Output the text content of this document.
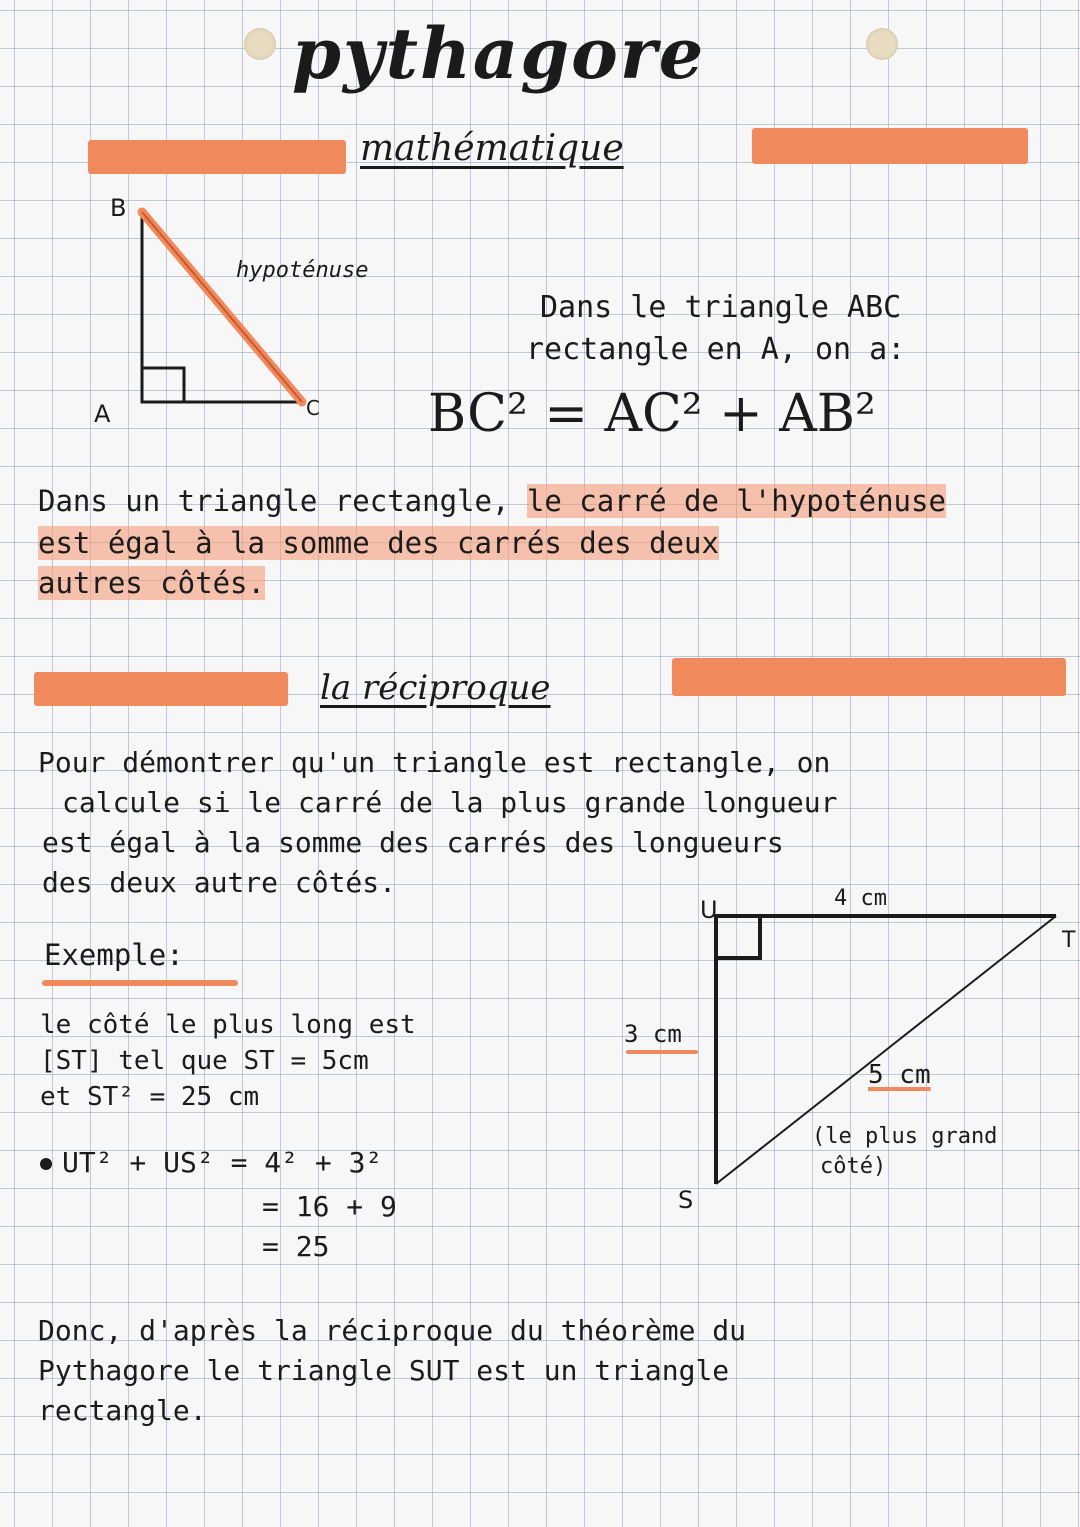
pythagore
mathématique
B
A	C
hypoténuse
Dans le triangle ABC
rectangle en A, on a:
BC² = AC² + AB²
Dans un triangle rectangle, le carré de l'hypoténuse
est égal à la somme des carrés des deux
autres côtés.
la réciproque
Pour démontrer qu'un triangle est rectangle, on
calcule si le carré de la plus grande longueur
est égal à la somme des carrés des longueurs
des deux autre côtés.
Exemple:
le côté le plus long est
[ST] tel que ST = 5cm
et ST² = 25 cm
UT² + US² = 4² + 3²
= 16 + 9
= 25
U
T
S
4 cm
3 cm
5 cm
(le plus grand
côté)
Donc, d'après la réciproque du théorème du
Pythagore le triangle SUT est un triangle
rectangle.
